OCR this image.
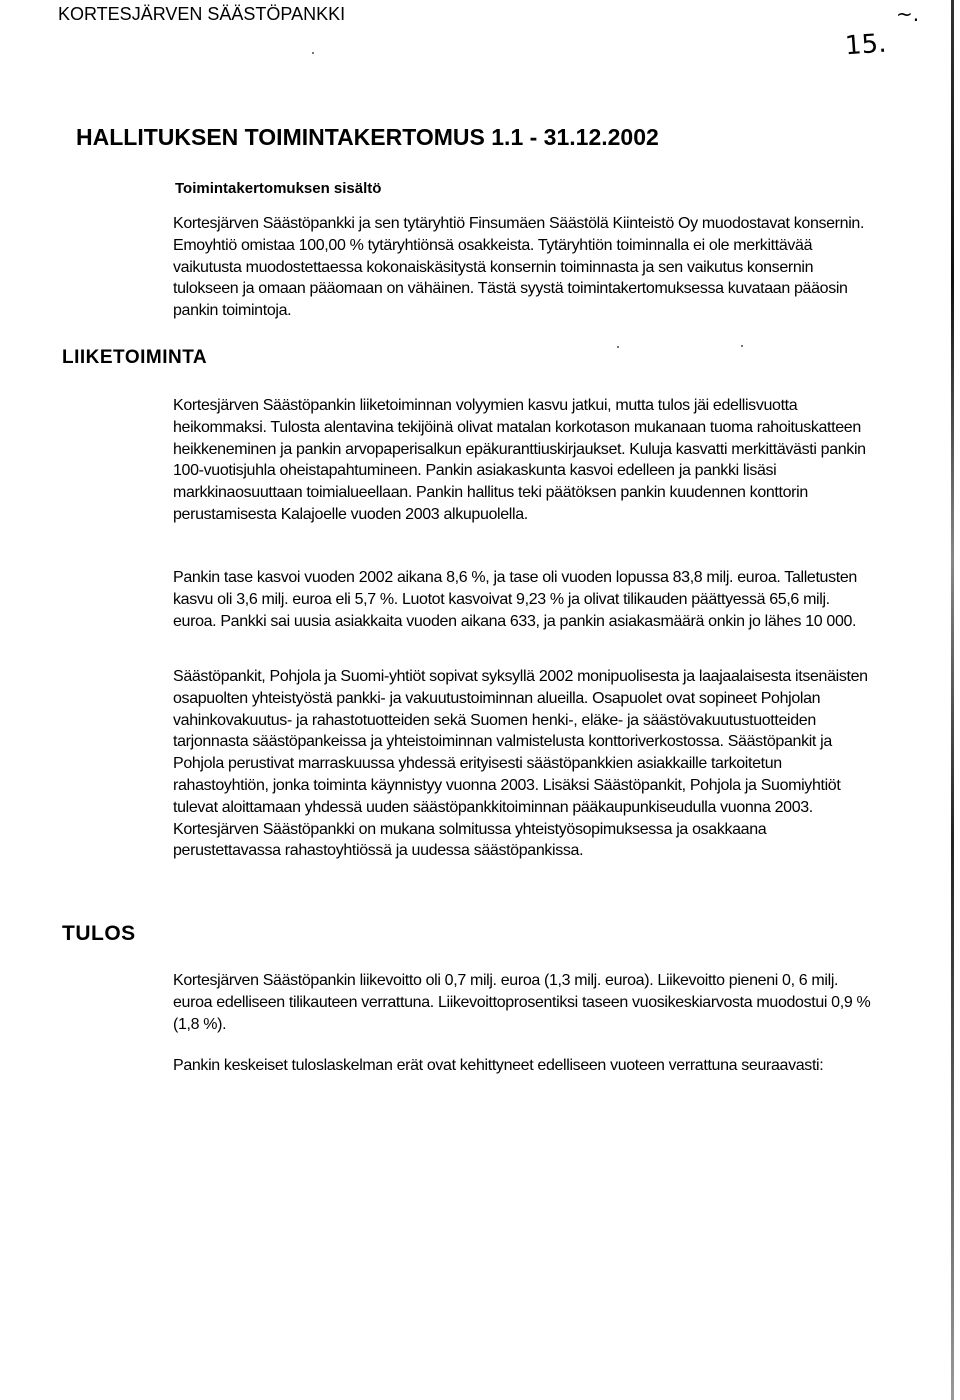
KORTESJÄRVEN SÄÄSTÖPANKKI	~.
15.
HALLITUKSEN TOIMINTAKERTOMUS 1.1 - 31.12.2002
Toimintakertomuksen sisältö

Kortesjärven Säästöpankki ja sen tytäryhtiö Finsumäen Säästölä Kiinteistö Oy muodostavat konsernin. Emoyhtiö omistaa 100,00 % tytäryhtiönsä osakkeista. Tytäryhtiön toiminnalla ei ole merkittävää vaikutusta muodostettaessa kokonaiskäsitystä konsernin toiminnasta ja sen vaikutus konsernin tulokseen ja omaan pääomaan on vähäinen. Tästä syystä toimintakertomuksessa kuvataan pääosin pankin toimintoja.

LIIKETOIMINTA

Kortesjärven Säästöpankin liiketoiminnan volyymien kasvu jatkui, mutta tulos jäi edellisvuotta heikommaksi. Tulosta alentavina tekijöinä olivat matalan korkotason mukanaan tuoma rahoituskatteen heikkeneminen ja pankin arvopaperisalkun epäkuranttiuskirjaukset. Kuluja kasvatti merkittävästi pankin 100-vuotisjuhla oheistapahtumineen. Pankin asiakaskunta kasvoi edelleen ja pankki lisäsi markkinaosuuttaan toimialueellaan. Pankin hallitus teki päätöksen pankin kuudennen konttorin perustamisesta Kalajoelle vuoden 2003 alkupuolella.

Pankin tase kasvoi vuoden 2002 aikana 8,6 %, ja tase oli vuoden lopussa 83,8 milj. euroa. Talletusten kasvu oli 3,6 milj. euroa eli 5,7 %. Luotot kasvoivat 9,23 % ja olivat tilikauden päättyessä 65,6 milj. euroa. Pankki sai uusia asiakkaita vuoden aikana 633, ja pankin asiakasmäärä onkin jo lähes 10 000.

Säästöpankit, Pohjola ja Suomi-yhtiöt sopivat syksyllä 2002 monipuolisesta ja laajaalaisesta itsenäisten osapuolten yhteistyöstä pankki- ja vakuutustoiminnan alueilla. Osapuolet ovat sopineet Pohjolan vahinkovakuutus- ja rahastotuotteiden sekä Suomen henki-, eläke- ja säästövakuutustuotteiden tarjonnasta säästöpankeissa ja yhteistoiminnan valmistelusta konttoriverkostossa. Säästöpankit ja Pohjola perustivat marraskuussa yhdessä erityisesti säästöpankkien asiakkaille tarkoitetun rahastoyhtiön, jonka toiminta käynnistyy vuonna 2003. Lisäksi Säästöpankit, Pohjola ja Suomiyhtiöt tulevat aloittamaan yhdessä uuden säästöpankkitoiminnan pääkaupunkiseudulla vuonna 2003. Kortesjärven Säästöpankki on mukana solmitussa yhteistyösopimuksessa ja osakkaana perustettavassa rahastoyhtiössä ja uudessa säästöpankissa.

TULOS

Kortesjärven Säästöpankin liikevoitto oli 0,7 milj. euroa (1,3 milj. euroa). Liikevoitto pieneni 0, 6 milj. euroa edelliseen tilikauteen verrattuna. Liikevoittoprosentiksi taseen vuosikeskiarvosta muodostui 0,9 % (1,8 %).

Pankin keskeiset tuloslaskelman erät ovat kehittyneet edelliseen vuoteen verrattuna seuraavasti:
